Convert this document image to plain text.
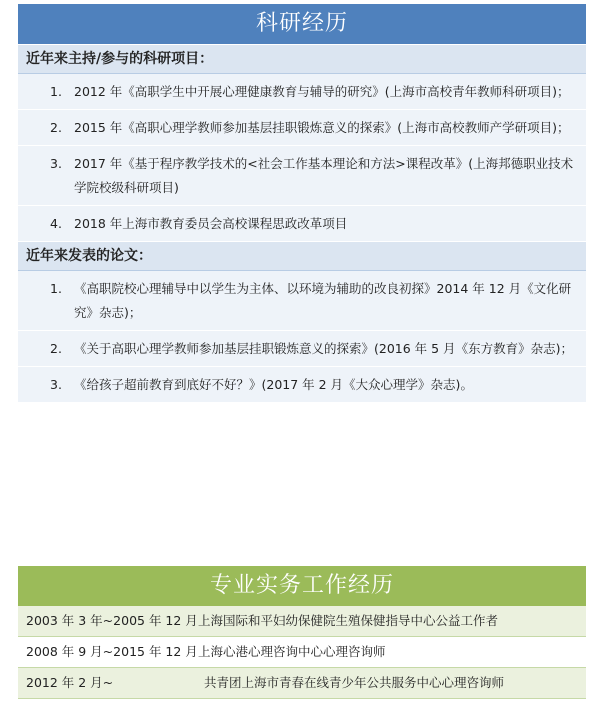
科研经历
近年来主持/参与的科研项目：
1. 2012 年《高职学生中开展心理健康教育与辅导的研究》(上海市高校青年教师科研项目)；
2. 2015 年《高职心理学教师参加基层挂职锻炼意义的探索》(上海市高校教师产学研项目)；
3. 2017 年《基于程序教学技术的<社会工作基本理论和方法>课程改革》(上海邦德职业技术学院校级科研项目)
4. 2018 年上海市教育委员会高校课程思政改革项目
近年来发表的论文：
1. 《高职院校心理辅导中以学生为主体、以环境为辅助的改良初探》2014 年 12 月《文化研究》杂志)；
2. 《关于高职心理学教师参加基层挂职锻炼意义的探索》(2016 年 5 月《东方教育》杂志)；
3. 《给孩子超前教育到底好不好？》(2017 年 2 月《大众心理学》杂志)。
专业实务工作经历
2003 年 3 年~2005 年 12 月上海国际和平妇幼保健院生殖保健指导中心公益工作者
2008 年 9 月~2015 年 12 月上海心港心理咨询中心心理咨询师
2012 年 2 月~	共青团上海市青春在线青少年公共服务中心心理咨询师
